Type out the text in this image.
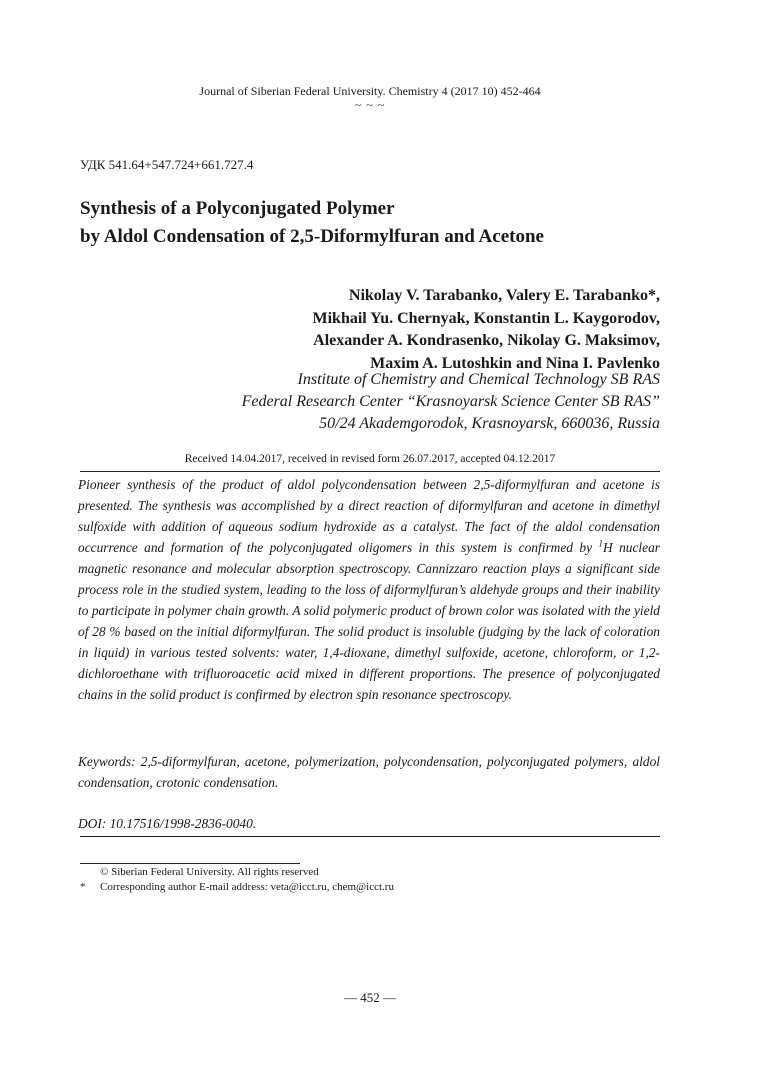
Journal of Siberian Federal University. Chemistry 4 (2017 10) 452-464
~ ~ ~
УДК 541.64+547.724+661.727.4
Synthesis of a Polyconjugated Polymer
by Aldol Condensation of 2,5-Diformylfuran and Acetone
Nikolay V. Tarabanko, Valery E. Tarabanko*,
Mikhail Yu. Chernyak, Konstantin L. Kaygorodov,
Alexander A. Kondrasenko, Nikolay G. Maksimov,
Maxim A. Lutoshkin and Nina I. Pavlenko
Institute of Chemistry and Chemical Technology SB RAS
Federal Research Center “Krasnoyarsk Science Center SB RAS”
50/24 Akademgorodok, Krasnoyarsk, 660036, Russia
Received 14.04.2017, received in revised form 26.07.2017, accepted 04.12.2017
Pioneer synthesis of the product of aldol polycondensation between 2,5-diformylfuran and acetone is presented. The synthesis was accomplished by a direct reaction of diformylfuran and acetone in dimethyl sulfoxide with addition of aqueous sodium hydroxide as a catalyst. The fact of the aldol condensation occurrence and formation of the polyconjugated oligomers in this system is confirmed by $^1$H nuclear magnetic resonance and molecular absorption spectroscopy. Cannizzaro reaction plays a significant side process role in the studied system, leading to the loss of diformylfuran’s aldehyde groups and their inability to participate in polymer chain growth. A solid polymeric product of brown color was isolated with the yield of 28 % based on the initial diformylfuran. The solid product is insoluble (judging by the lack of coloration in liquid) in various tested solvents: water, 1,4-dioxane, dimethyl sulfoxide, acetone, chloroform, or 1,2-dichloroethane with trifluoroacetic acid mixed in different proportions. The presence of polyconjugated chains in the solid product is confirmed by electron spin resonance spectroscopy.
Keywords: 2,5-diformylfuran, acetone, polymerization, polycondensation, polyconjugated polymers, aldol condensation, crotonic condensation.
DOI: 10.17516/1998-2836-0040.
© Siberian Federal University. All rights reserved
* Corresponding author E-mail address: veta@icct.ru, chem@icct.ru
― 452 ―
